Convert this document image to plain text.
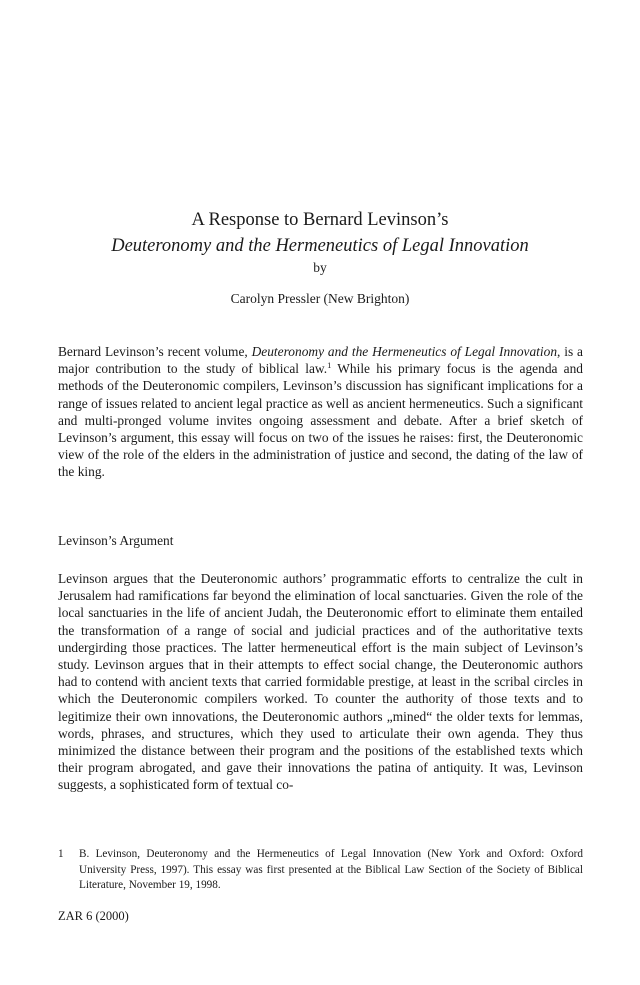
A Response to Bernard Levinson’s

Deuteronomy and the Hermeneutics of Legal Innovation

by
Carolyn Pressler (New Brighton)

Bernard Levinson’s recent volume, Deuteronomy and the Hermeneutics of Legal Innovation, is a major contribution to the study of biblical law.$^1$ While his primary focus is the agenda and methods of the Deuteronomic compilers, Levinson’s discussion has significant implications for a range of issues related to ancient legal practice as well as ancient hermeneutics. Such a significant and multi-pronged volume invites ongoing assessment and debate. After a brief sketch of Levinson’s argument, this essay will focus on two of the issues he raises: first, the Deuteronomic view of the role of the elders in the administration of justice and second, the dating of the law of the king.

Levinson’s Argument

Levinson argues that the Deuteronomic authors’ programmatic efforts to centralize the cult in Jerusalem had ramifications far beyond the elimination of local sanctuaries. Given the role of the local sanctuaries in the life of ancient Judah, the Deuteronomic effort to eliminate them entailed the transformation of a range of social and judicial practices and of the authoritative texts undergirding those practices. The latter hermeneutical effort is the main subject of Levinson’s study. Levinson argues that in their attempts to effect social change, the Deuteronomic authors had to contend with ancient texts that carried formidable prestige, at least in the scribal circles in which the Deuteronomic compilers worked. To counter the authority of those texts and to legitimize their own innovations, the Deuteronomic authors „mined“ the older texts for lemmas, words, phrases, and structures, which they used to articulate their own agenda. They thus minimized the distance between their program and the positions of the established texts which their program abrogated, and gave their innovations the patina of antiquity. It was, Levinson suggests, a sophisticated form of textual co-

1 B. Levinson, Deuteronomy and the Hermeneutics of Legal Innovation (New York and Oxford: Oxford University Press, 1997). This essay was first presented at the Biblical Law Section of the Society of Biblical Literature, November 19, 1998.
ZAR 6 (2000)
